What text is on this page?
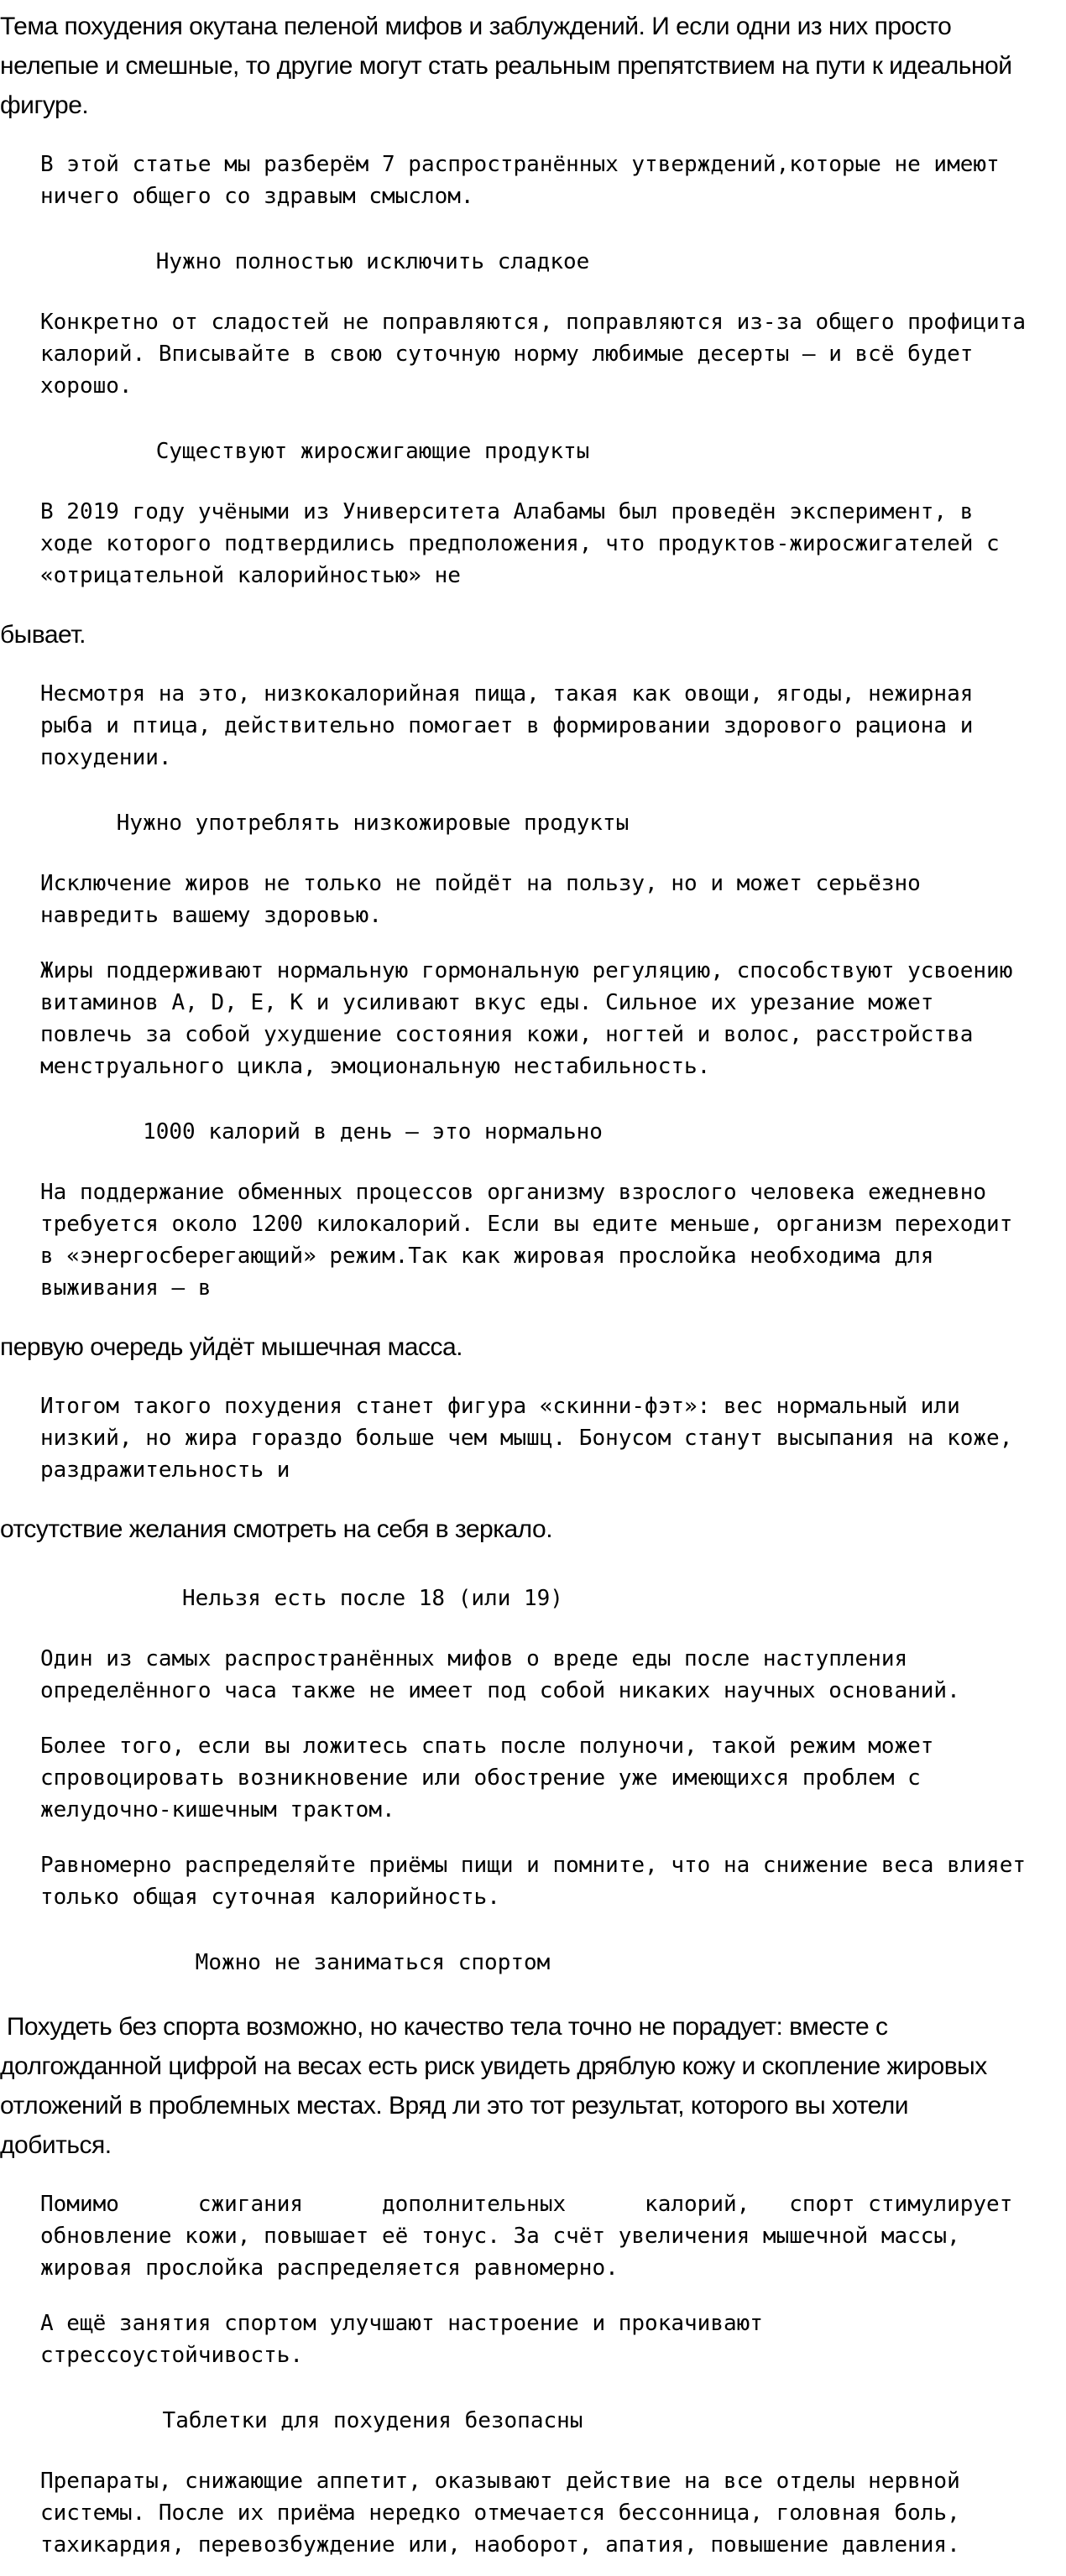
Тема похудения окутана пеленой мифов и заблуждений. И если одни из них просто
нелепые и смешные, то другие могут стать реальным препятствием на пути к идеальной
фигуре.
В этой статье мы разберём 7 распространённых утверждений,которые не имеют
ничего общего со здравым смыслом.
Нужно полностью исключить сладкое
Конкретно от сладостей не поправляются, поправляются из-за общего профицита
калорий. Вписывайте в свою суточную норму любимые десерты – и всё будет
хорошо.
Существуют жиросжигающие продукты
В 2019 году учёными из Университета Алабамы был проведён эксперимент, в
ходе которого подтвердились предположения, что продуктов-жиросжигателей с
«отрицательной калорийностью» не
бывает.
Несмотря на это, низкокалорийная пища, такая как овощи, ягоды, нежирная
рыба и птица, действительно помогает в формировании здорового рациона и
похудении.
Нужно употреблять низкожировые продукты
Исключение жиров не только не пойдёт на пользу, но и может серьёзно
навредить вашему здоровью.
Жиры поддерживают нормальную гормональную регуляцию, способствуют усвоению
витаминов A, D, E, K и усиливают вкус еды. Сильное их урезание может
повлечь за собой ухудшение состояния кожи, ногтей и волос, расстройства
менструального цикла, эмоциональную нестабильность.
1000 калорий в день — это нормально
На поддержание обменных процессов организму взрослого человека ежедневно
требуется около 1200 килокалорий. Если вы едите меньше, организм переходит
в «энергосберегающий» режим.Так как жировая прослойка необходима для
выживания — в
первую очередь уйдёт мышечная масса.
Итогом такого похудения станет фигура «скинни-фэт»: вес нормальный или
низкий, но жира гораздо больше чем мышц. Бонусом станут высыпания на коже,
раздражительность и
отсутствие желания смотреть на себя в зеркало.
Нельзя есть после 18 (или 19)
Один из самых распространённых мифов о вреде еды после наступления
определённого часа также не имеет под собой никаких научных оснований.
Более того, если вы ложитесь спать после полуночи, такой режим может
спровоцировать возникновение или обострение уже имеющихся проблем с
желудочно-кишечным трактом.
Равномерно распределяйте приёмы пищи и помните, что на снижение веса влияет
только общая суточная калорийность.
Можно не заниматься спортом
Похудеть без спорта возможно, но качество тела точно не порадует: вместе с
долгожданной цифрой на весах есть риск увидеть дряблую кожу и скопление жировых
отложений в проблемных местах. Вряд ли это тот результат, которого вы хотели
добиться.
Помимо      сжигания      дополнительных      калорий,   спорт стимулирует
обновление кожи, повышает её тонус. За счёт увеличения мышечной массы,
жировая прослойка распределяется равномерно.
А ещё занятия спортом улучшают настроение и прокачивают
стрессоустойчивость.
Таблетки для похудения безопасны
Препараты, снижающие аппетит, оказывают действие на все отделы нервной
системы. После их приёма нередко отмечается бессонница, головная боль,
тахикардия, перевозбуждение или, наоборот, апатия, повышение давления.
